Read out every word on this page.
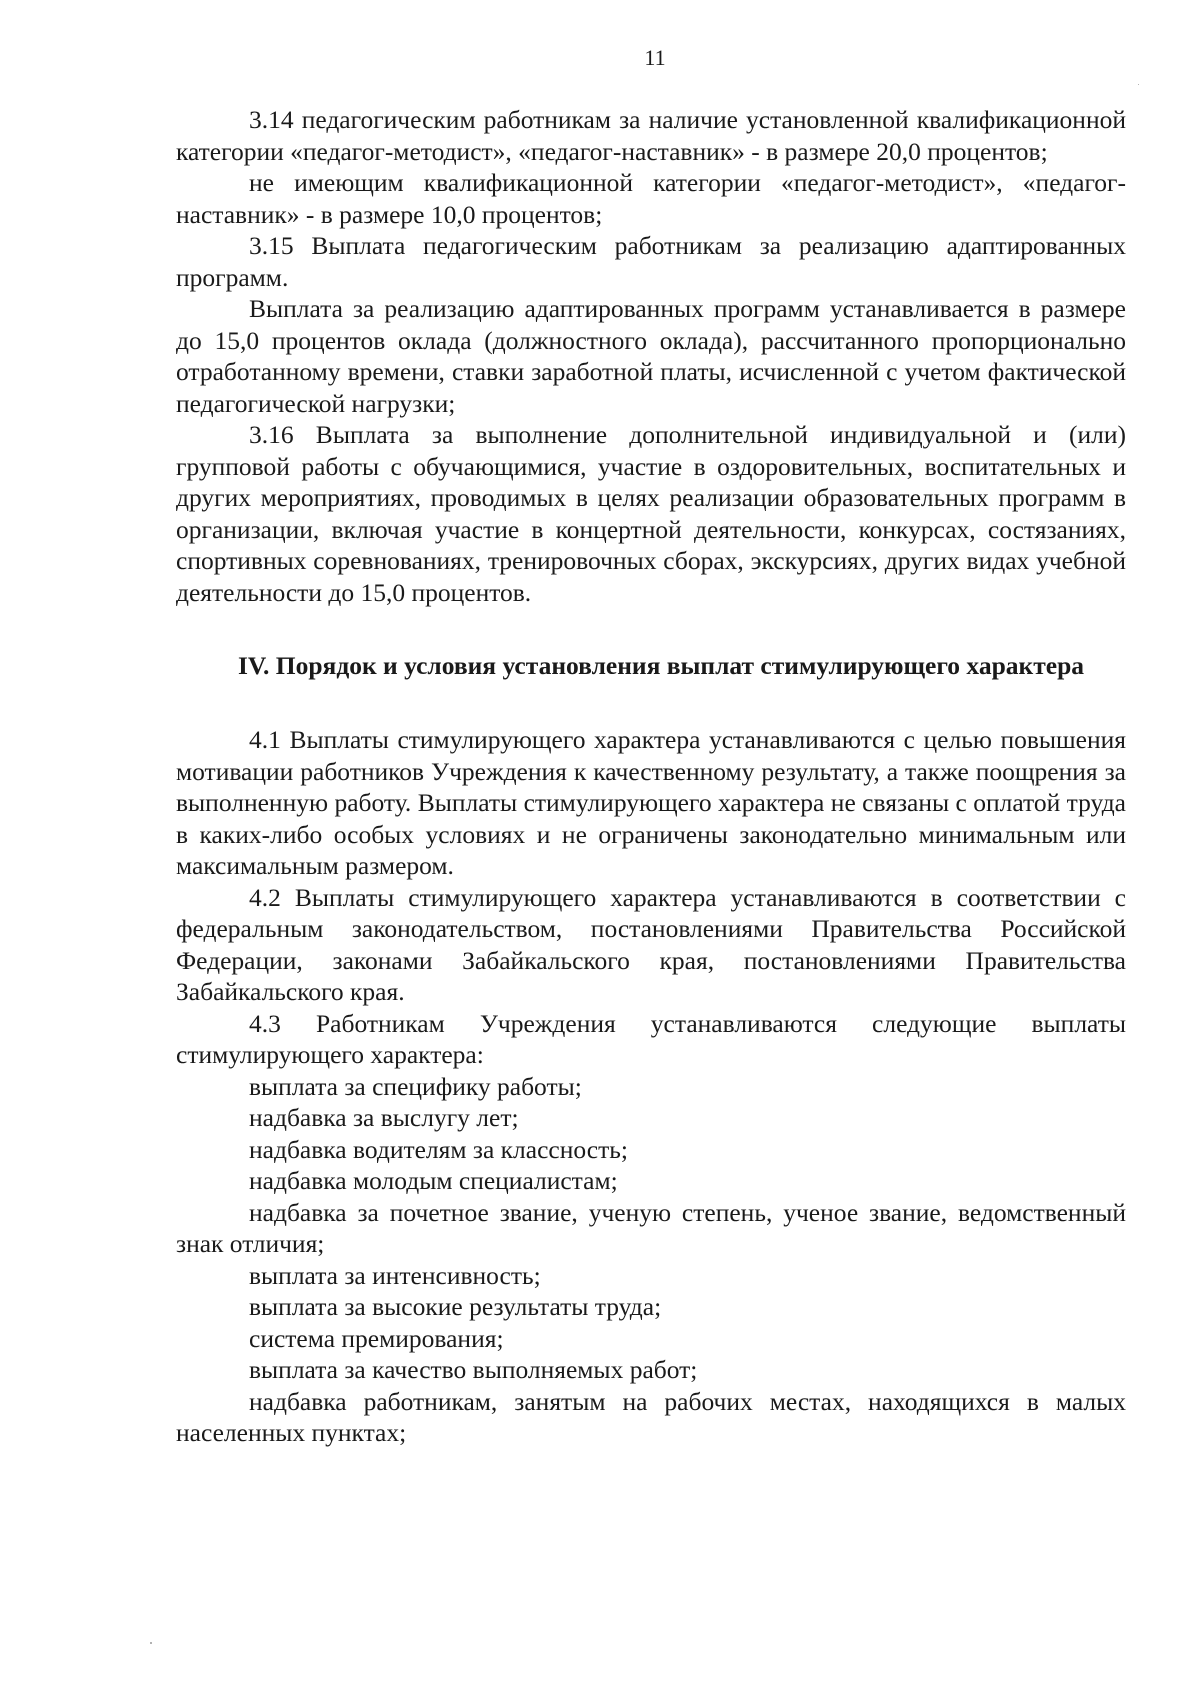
11

3.14 педагогическим работникам за наличие установленной квалификационной категории «педагог-методист», «педагог-наставник» - в размере 20,0 процентов;

не имеющим квалификационной категории «педагог-методист», «педагог-наставник» - в размере 10,0 процентов;

3.15 Выплата педагогическим работникам за реализацию адаптированных программ.

Выплата за реализацию адаптированных программ устанавливается в размере до 15,0 процентов оклада (должностного оклада), рассчитанного пропорционально отработанному времени, ставки заработной платы, исчисленной с учетом фактической педагогической нагрузки;

3.16 Выплата за выполнение дополнительной индивидуальной и (или) групповой работы с обучающимися, участие в оздоровительных, воспитательных и других мероприятиях, проводимых в целях реализации образовательных программ в организации, включая участие в концертной деятельности, конкурсах, состязаниях, спортивных соревнованиях, тренировочных сборах, экскурсиях, других видах учебной деятельности до 15,0 процентов.

IV. Порядок и условия установления выплат стимулирующего характера

4.1 Выплаты стимулирующего характера устанавливаются с целью повышения мотивации работников Учреждения к качественному результату, а также поощрения за выполненную работу. Выплаты стимулирующего характера не связаны с оплатой труда в каких-либо особых условиях и не ограничены законодательно минимальным или максимальным размером.

4.2 Выплаты стимулирующего характера устанавливаются в соответствии с федеральным законодательством, постановлениями Правительства Российской Федерации, законами Забайкальского края, постановлениями Правительства Забайкальского края.

4.3 Работникам Учреждения устанавливаются следующие выплаты стимулирующего характера:

выплата за специфику работы;

надбавка за выслугу лет;

надбавка водителям за классность;

надбавка молодым специалистам;

надбавка за почетное звание, ученую степень, ученое звание, ведомственный знак отличия;

выплата за интенсивность;

выплата за высокие результаты труда;

система премирования;

выплата за качество выполняемых работ;

надбавка работникам, занятым на рабочих местах, находящихся в малых населенных пунктах;
